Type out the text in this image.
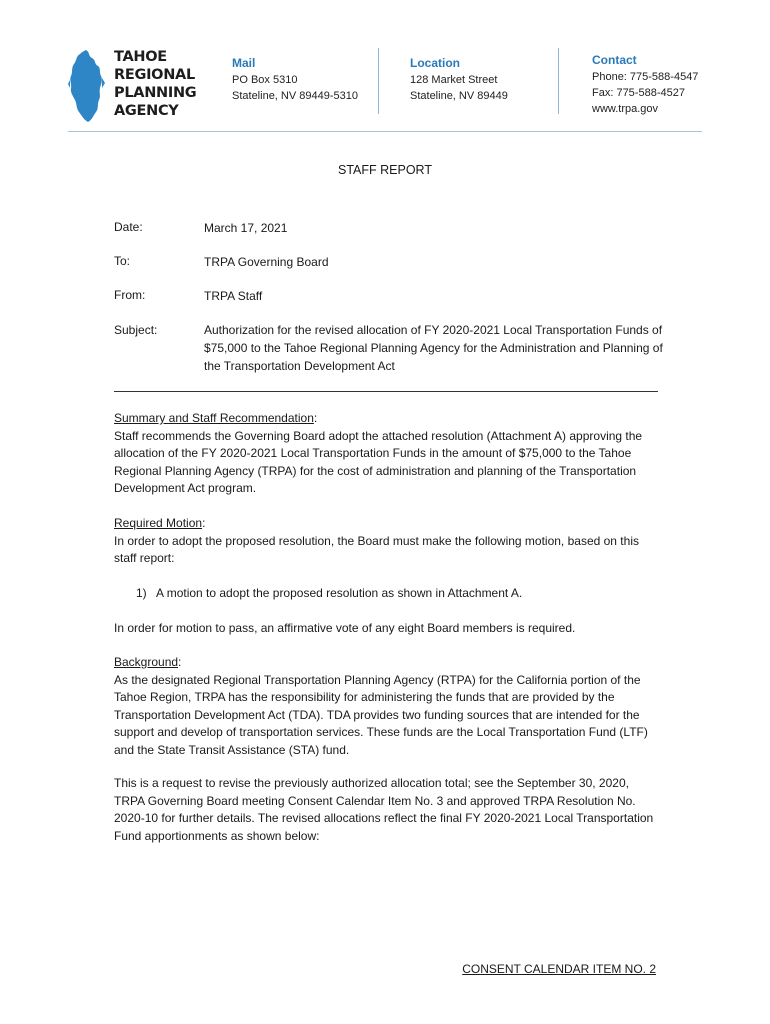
TAHOE
REGIONAL
PLANNING
AGENCY
Mail
PO Box 5310
Stateline, NV 89449-5310
Location
128 Market Street
Stateline, NV 89449
Contact
Phone: 775-588-4547
Fax: 775-588-4527
www.trpa.gov
STAFF REPORT
Date:	March 17, 2021
To:	TRPA Governing Board
From:	TRPA Staff
Subject:	Authorization for the revised allocation of FY 2020-2021 Local Transportation Funds of $75,000 to the Tahoe Regional Planning Agency for the Administration and Planning of the Transportation Development Act
Summary and Staff Recommendation:
Staff recommends the Governing Board adopt the attached resolution (Attachment A) approving the allocation of the FY 2020-2021 Local Transportation Funds in the amount of $75,000 to the Tahoe Regional Planning Agency (TRPA) for the cost of administration and planning of the Transportation Development Act program.
Required Motion:
In order to adopt the proposed resolution, the Board must make the following motion, based on this staff report:
1) A motion to adopt the proposed resolution as shown in Attachment A.
In order for motion to pass, an affirmative vote of any eight Board members is required.
Background:
As the designated Regional Transportation Planning Agency (RTPA) for the California portion of the Tahoe Region, TRPA has the responsibility for administering the funds that are provided by the Transportation Development Act (TDA). TDA provides two funding sources that are intended for the support and develop of transportation services. These funds are the Local Transportation Fund (LTF) and the State Transit Assistance (STA) fund.
This is a request to revise the previously authorized allocation total; see the September 30, 2020, TRPA Governing Board meeting Consent Calendar Item No. 3 and approved TRPA Resolution No. 2020-10 for further details. The revised allocations reflect the final FY 2020-2021 Local Transportation Fund apportionments as shown below:
CONSENT CALENDAR ITEM NO. 2
